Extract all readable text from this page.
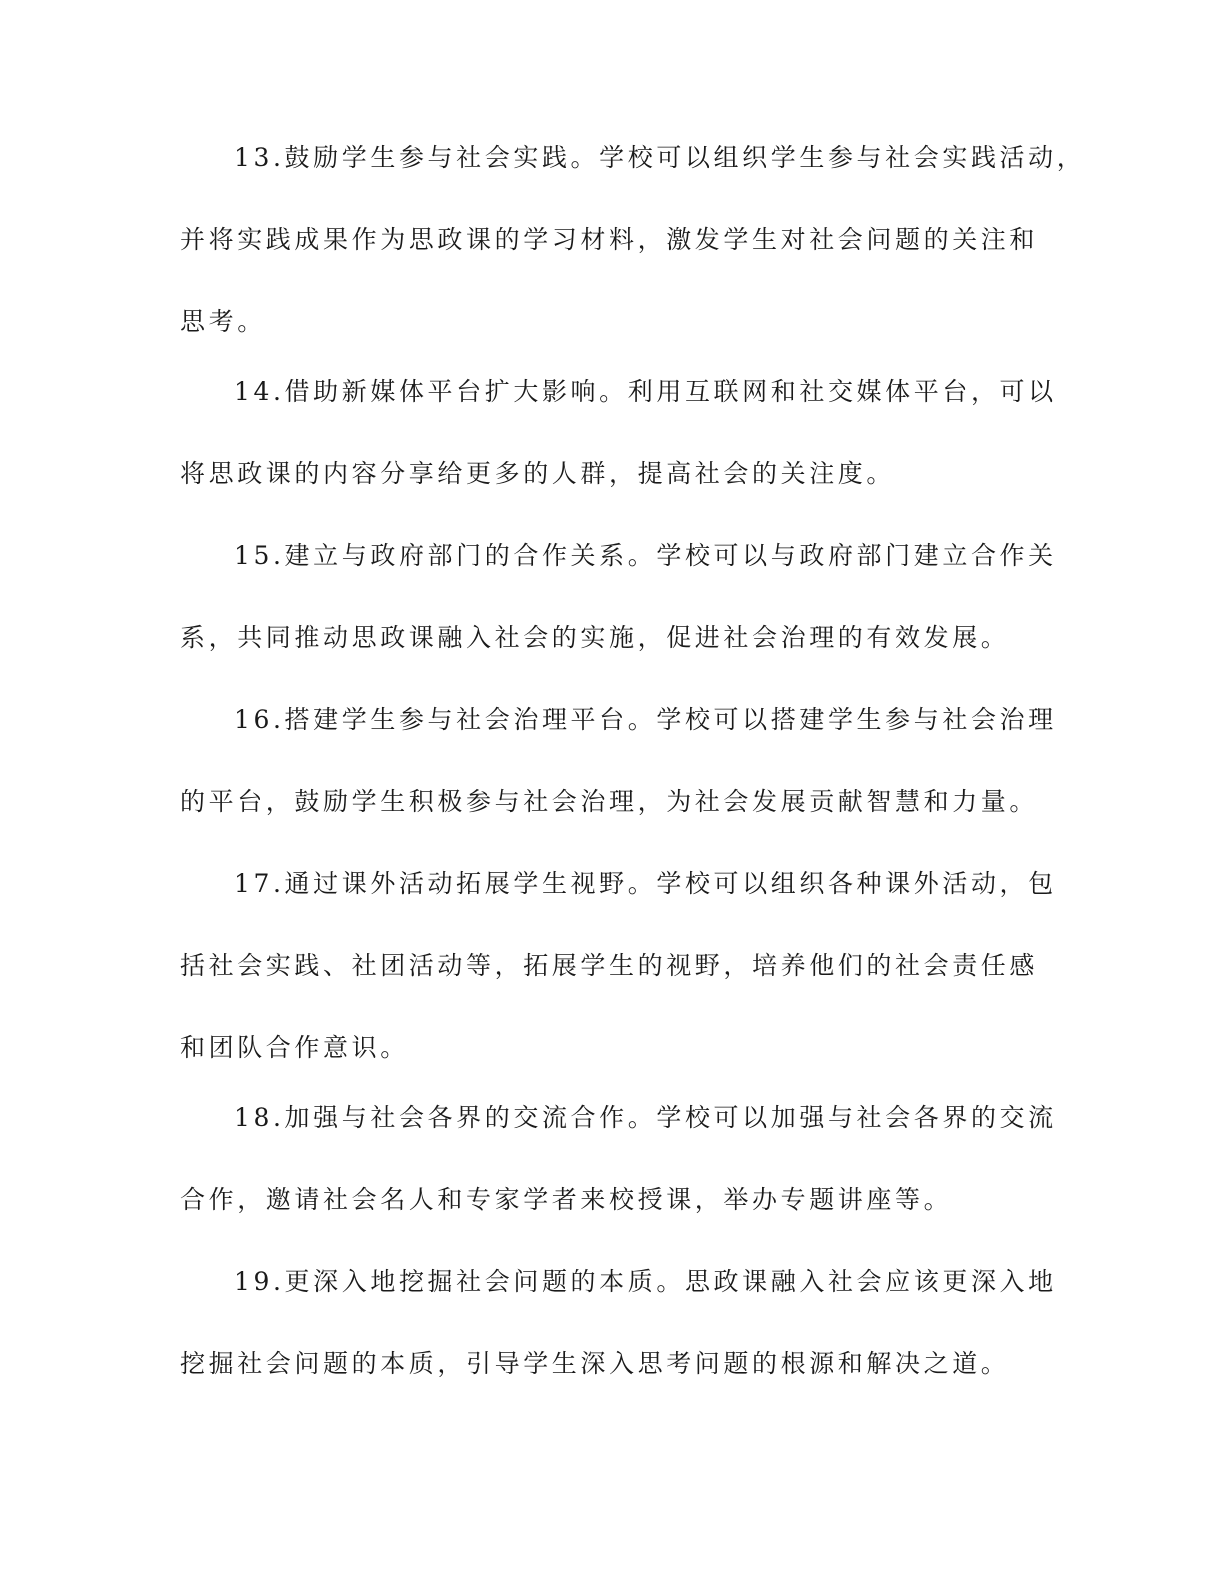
13.鼓励学生参与社会实践。学校可以组织学生参与社会实践活动，
并将实践成果作为思政课的学习材料，激发学生对社会问题的关注和
思考。
14.借助新媒体平台扩大影响。利用互联网和社交媒体平台，可以
将思政课的内容分享给更多的人群，提高社会的关注度。
15.建立与政府部门的合作关系。学校可以与政府部门建立合作关
系，共同推动思政课融入社会的实施，促进社会治理的有效发展。
16.搭建学生参与社会治理平台。学校可以搭建学生参与社会治理
的平台，鼓励学生积极参与社会治理，为社会发展贡献智慧和力量。
17.通过课外活动拓展学生视野。学校可以组织各种课外活动，包
括社会实践、社团活动等，拓展学生的视野，培养他们的社会责任感
和团队合作意识。
18.加强与社会各界的交流合作。学校可以加强与社会各界的交流
合作，邀请社会名人和专家学者来校授课，举办专题讲座等。
19.更深入地挖掘社会问题的本质。思政课融入社会应该更深入地
挖掘社会问题的本质，引导学生深入思考问题的根源和解决之道。
